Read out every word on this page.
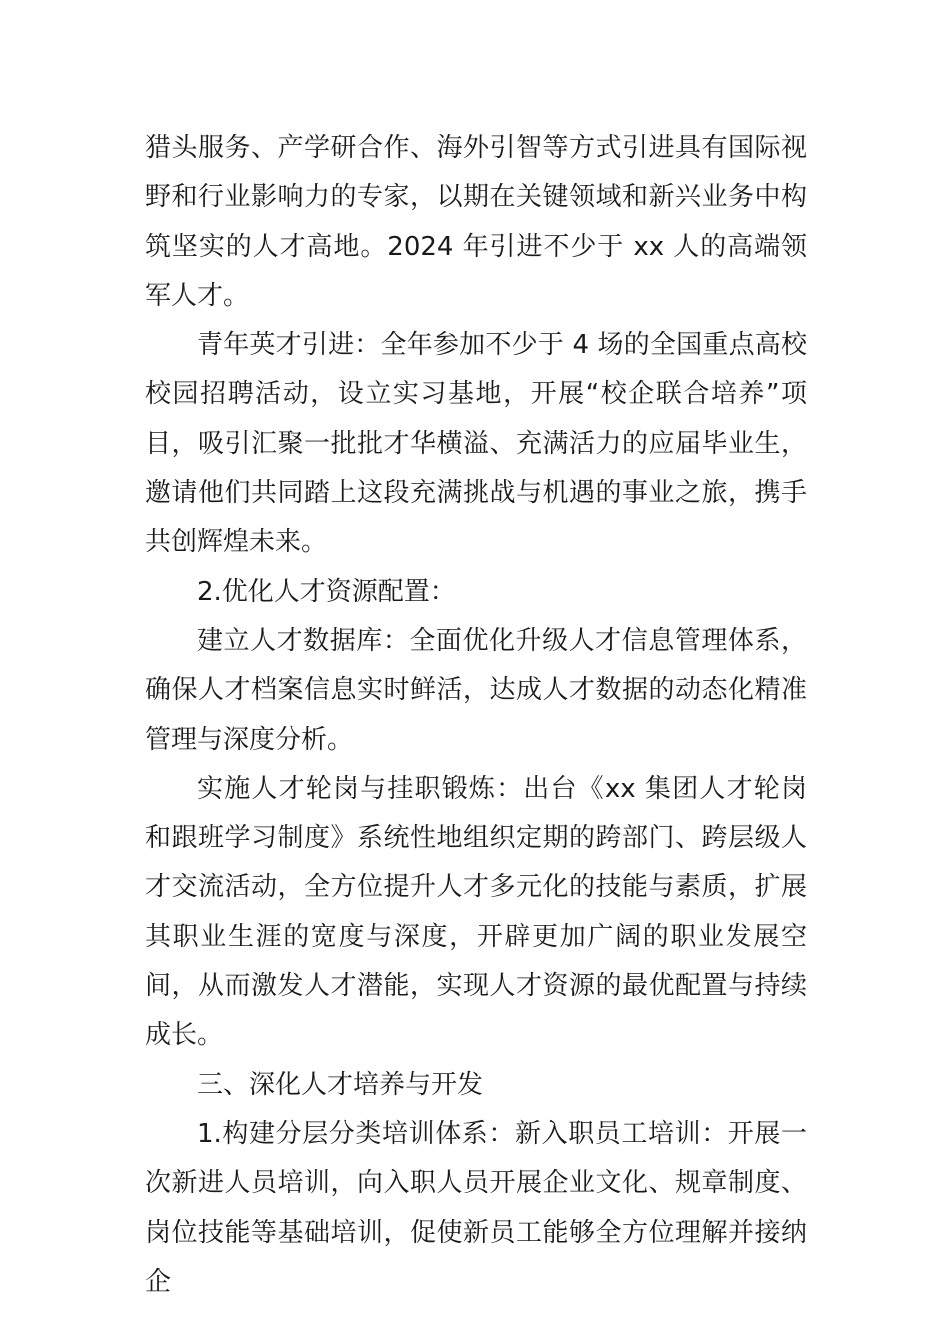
猎头服务、产学研合作、海外引智等方式引进具有国际视野和行业影响力的专家，以期在关键领域和新兴业务中构筑坚实的人才高地。2024 年引进不少于 xx 人的高端领军人才。

青年英才引进：全年参加不少于 4 场的全国重点高校校园招聘活动，设立实习基地，开展“校企联合培养”项目，吸引汇聚一批批才华横溢、充满活力的应届毕业生，邀请他们共同踏上这段充满挑战与机遇的事业之旅，携手共创辉煌未来。

2.优化人才资源配置：

建立人才数据库：全面优化升级人才信息管理体系，确保人才档案信息实时鲜活，达成人才数据的动态化精准管理与深度分析。

实施人才轮岗与挂职锻炼：出台《xx 集团人才轮岗和跟班学习制度》系统性地组织定期的跨部门、跨层级人才交流活动，全方位提升人才多元化的技能与素质，扩展其职业生涯的宽度与深度，开辟更加广阔的职业发展空间，从而激发人才潜能，实现人才资源的最优配置与持续成长。

三、深化人才培养与开发

1.构建分层分类培训体系：新入职员工培训：开展一次新进人员培训，向入职人员开展企业文化、规章制度、岗位技能等基础培训，促使新员工能够全方位理解并接纳企
